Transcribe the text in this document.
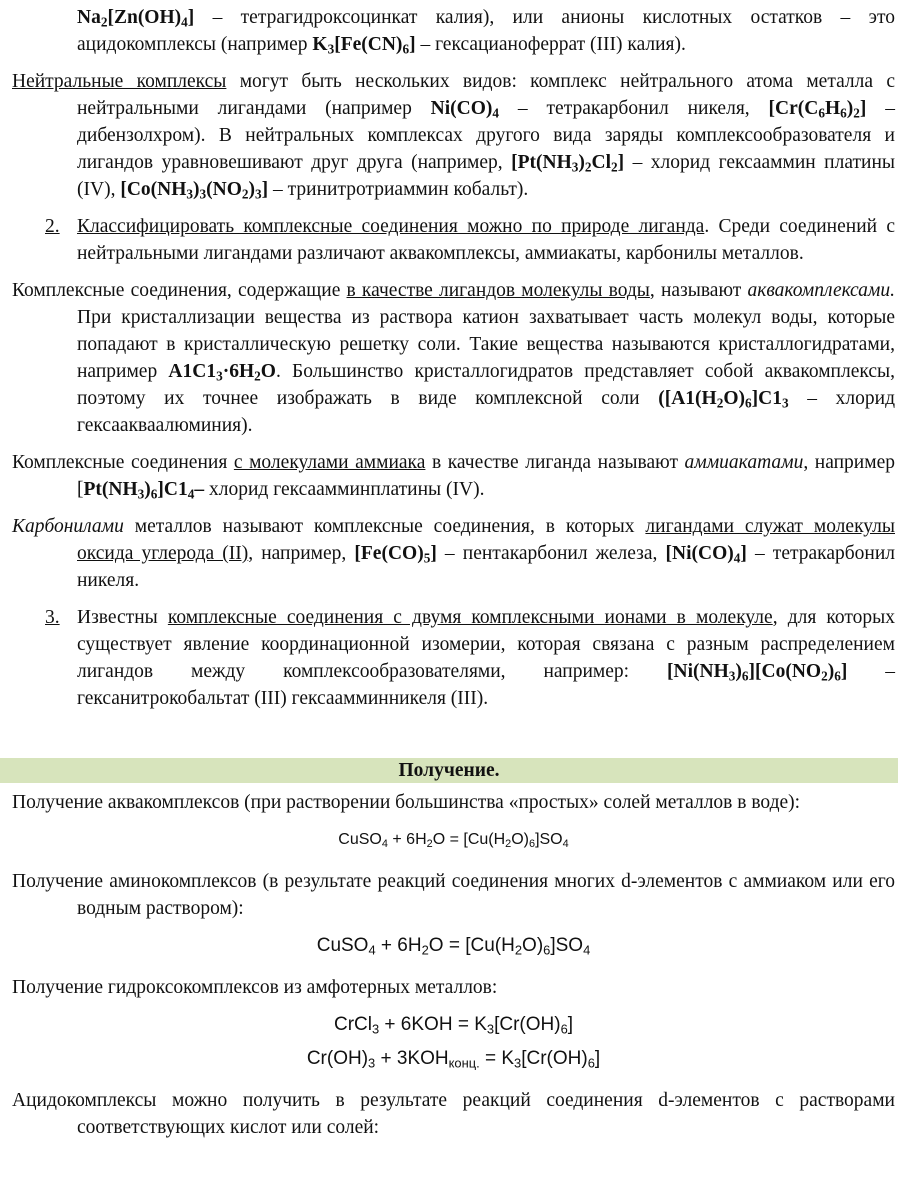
Na2[Zn(OH)4] – тетрагидроксоцинкат калия), или анионы кислотных остатков – это ацидокомплексы (например K3[Fe(CN)6] – гексацианоферрат (III) калия).

Нейтральные комплексы могут быть нескольких видов: комплекс нейтрального атома металла с нейтральными лигандами (например Ni(CO)4 – тетракарбонил никеля, [Cr(C6H6)2] – дибензолхром). В нейтральных комплексах другого вида заряды комплексообразователя и лигандов уравновешивают друг друга (например, [Pt(NH3)2Cl2] – хлорид гексааммин платины (IV), [Co(NH3)3(NO2)3] – тринитротриаммин кобальт).

2. Классифицировать комплексные соединения можно по природе лиганда. Среди соединений с нейтральными лигандами различают аквакомплексы, аммиакаты, карбонилы металлов.

Комплексные соединения, содержащие в качестве лигандов молекулы воды, называют аквакомплексами. При кристаллизации вещества из раствора катион захватывает часть молекул воды, которые попадают в кристаллическую решетку соли. Такие вещества называются кристаллогидратами, например A1C13·6H2O. Большинство кристаллогидратов представляет собой аквакомплексы, поэтому их точнее изображать в виде комплексной соли ([A1(H2O)6]C13 – хлорид гексаакваалюминия).

Комплексные соединения с молекулами аммиака в качестве лиганда называют аммиакатами, например [Pt(NH3)6]C14– хлорид гексаамминплатины (IV).

Карбонилами металлов называют комплексные соединения, в которых лигандами служат молекулы оксида углерода (II), например, [Fe(CO)5] – пентакарбонил железа, [Ni(CO)4] – тетракарбонил никеля.

3. Известны комплексные соединения с двумя комплексными ионами в молекуле, для которых существует явление координационной изомерии, которая связана с разным распределением лигандов между комплексообразователями, например: [Ni(NH3)6][Co(NO2)6] – гексанитрокобальтат (III) гексаамминникеля (III).

Получение.

Получение аквакомплексов (при растворении большинства «простых» солей металлов в воде):

CuSO4 + 6H2O = [Cu(H2O)6]SO4

Получение аминокомплексов (в результате реакций соединения многих d-элементов с аммиаком или его водным раствором):

CuSO4 + 6H2O = [Cu(H2O)6]SO4

Получение гидроксокомплексов из амфотерных металлов:

CrCl3 + 6KOH = K3[Cr(OH)6]
Cr(OH)3 + 3KOHконц. = K3[Cr(OH)6]

Ацидокомплексы можно получить в результате реакций соединения d-элементов с растворами соответствующих кислот или солей:
